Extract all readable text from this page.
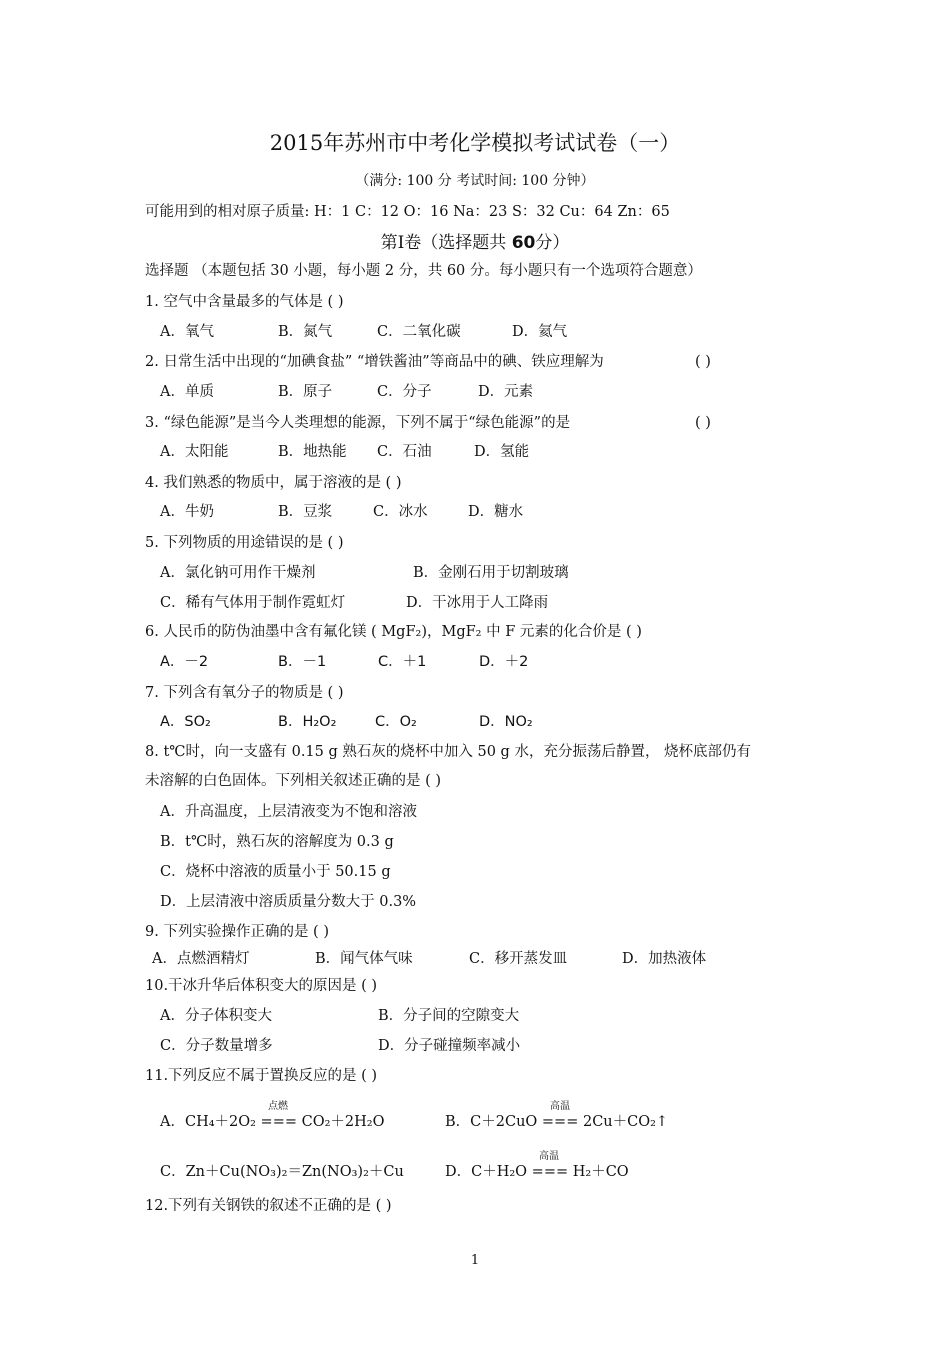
2015年苏州市中考化学模拟考试试卷（一）
（满分: 100 分 考试时间: 100 分钟）
可能用到的相对原子质量: H：1 C：12 O：16 Na：23 S：32 Cu：64 Zn：65
第Ⅰ卷（选择题共 60分）
选择题 （本题包括 30 小题，每小题 2 分，共 60 分。每小题只有一个选项符合题意）
1. 空气中含量最多的气体是 ( )
A．氧气	B．氮气	C．二氧化碳	D．氦气
2. 日常生活中出现的“加碘食盐” “增铁酱油”等商品中的碘、铁应理解为	( )
A．单质	B．原子	C．分子	D．元素
3. “绿色能源”是当今人类理想的能源，下列不属于“绿色能源”的是	( )
A．太阳能	B．地热能 C．石油	D．氢能
4. 我们熟悉的物质中，属于溶液的是 ( )
A．牛奶	B．豆浆	C．冰水	D．糖水
5. 下列物质的用途错误的是 ( )
A．氯化钠可用作干燥剂	B．金刚石用于切割玻璃
C．稀有气体用于制作霓虹灯	D．干冰用于人工降雨
6. 人民币的防伪油墨中含有氟化镁 ( MgF₂)，MgF₂ 中 F 元素的化合价是 ( )
A．－2	B．－1	C．＋1	D．＋2
7. 下列含有氧分子的物质是 ( )
A．SO₂	B．H₂O₂	C．O₂	D．NO₂
8. t℃时，向一支盛有 0.15 g 熟石灰的烧杯中加入 50 g 水，充分振荡后静置， 烧杯底部仍有
未溶解的白色固体。下列相关叙述正确的是 ( )
A．升高温度，上层清液变为不饱和溶液
B．t℃时，熟石灰的溶解度为 0.3 g
C．烧杯中溶液的质量小于 50.15 g
D．上层清液中溶质质量分数大于 0.3%
9. 下列实验操作正确的是 ( )
A．点燃酒精灯	B．闻气体气味	C．移开蒸发皿	D．加热液体
10.干冰升华后体积变大的原因是 ( )
A．分子体积变大	B．分子间的空隙变大
C．分子数量增多	D．分子碰撞频率减小
11.下列反应不属于置换反应的是 ( )
点燃	高温
A．CH₄＋2O₂ === CO₂＋2H₂O	B．C＋2CuO === 2Cu＋CO₂↑
高温
C．Zn＋Cu(NO₃)₂＝Zn(NO₃)₂＋Cu	D．C＋H₂O === H₂＋CO
12.下列有关钢铁的叙述不正确的是 ( )
1
